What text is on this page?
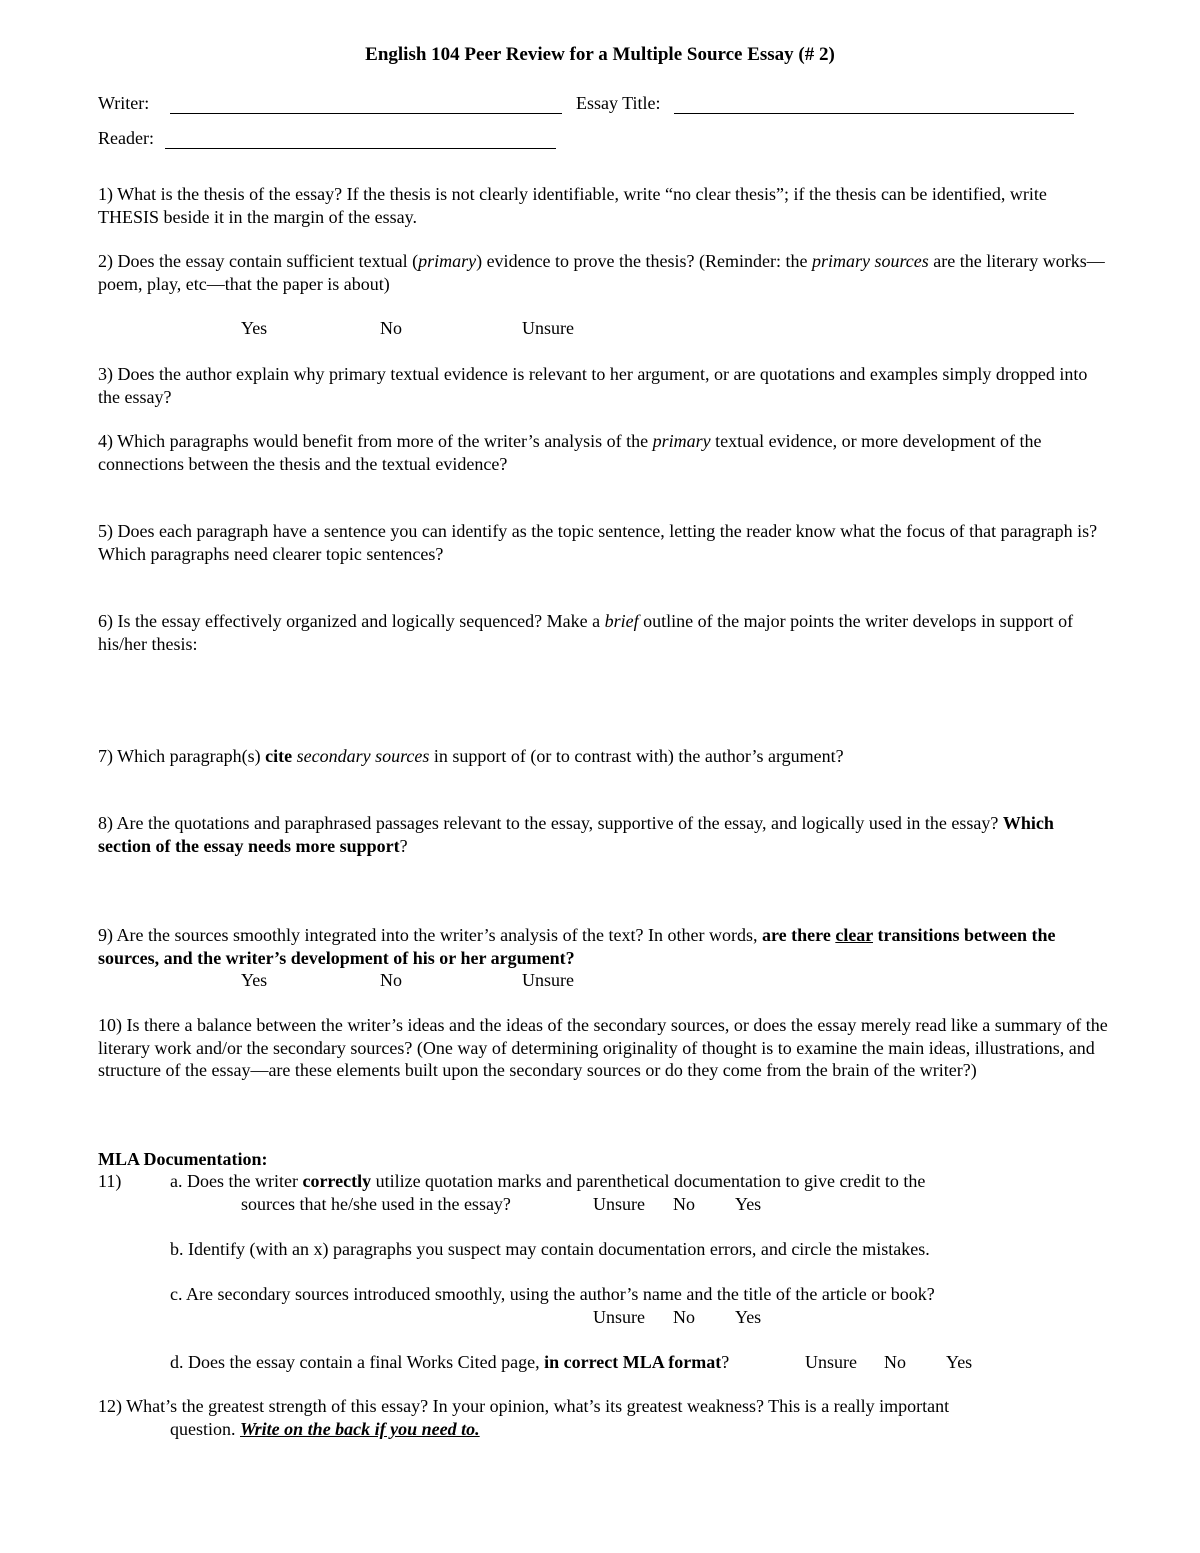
English 104 Peer Review for a Multiple Source Essay (# 2)
Writer:	Essay Title:
Reader:
1) What is the thesis of the essay? If the thesis is not clearly identifiable, write “no clear thesis”; if the thesis can be identified, write THESIS beside it in the margin of the essay.
2) Does the essay contain sufficient textual (primary) evidence to prove the thesis? (Reminder: the primary sources are the literary works—poem, play, etc—that the paper is about)
Yes	No	Unsure
3) Does the author explain why primary textual evidence is relevant to her argument, or are quotations and examples simply dropped into the essay?
4) Which paragraphs would benefit from more of the writer’s analysis of the primary textual evidence, or more development of the connections between the thesis and the textual evidence?
5) Does each paragraph have a sentence you can identify as the topic sentence, letting the reader know what the focus of that paragraph is? Which paragraphs need clearer topic sentences?
6) Is the essay effectively organized and logically sequenced? Make a brief outline of the major points the writer develops in support of his/her thesis:
7) Which paragraph(s) cite secondary sources in support of (or to contrast with) the author’s argument?
8) Are the quotations and paraphrased passages relevant to the essay, supportive of the essay, and logically used in the essay? Which section of the essay needs more support?
9) Are the sources smoothly integrated into the writer’s analysis of the text? In other words, are there clear transitions between the sources, and the writer’s development of his or her argument?
Yes	No	Unsure
10) Is there a balance between the writer’s ideas and the ideas of the secondary sources, or does the essay merely read like a summary of the literary work and/or the secondary sources? (One way of determining originality of thought is to examine the main ideas, illustrations, and structure of the essay—are these elements built upon the secondary sources or do they come from the brain of the writer?)
MLA Documentation:
11)	a. Does the writer correctly utilize quotation marks and parenthetical documentation to give credit to the
sources that he/she used in the essay?	Unsure No Yes
b. Identify (with an x) paragraphs you suspect may contain documentation errors, and circle the mistakes.
c. Are secondary sources introduced smoothly, using the author’s name and the title of the article or book?
Unsure No Yes
d. Does the essay contain a final Works Cited page, in correct MLA format?	Unsure No Yes
12) What’s the greatest strength of this essay? In your opinion, what’s its greatest weakness? This is a really important
question. Write on the back if you need to.
